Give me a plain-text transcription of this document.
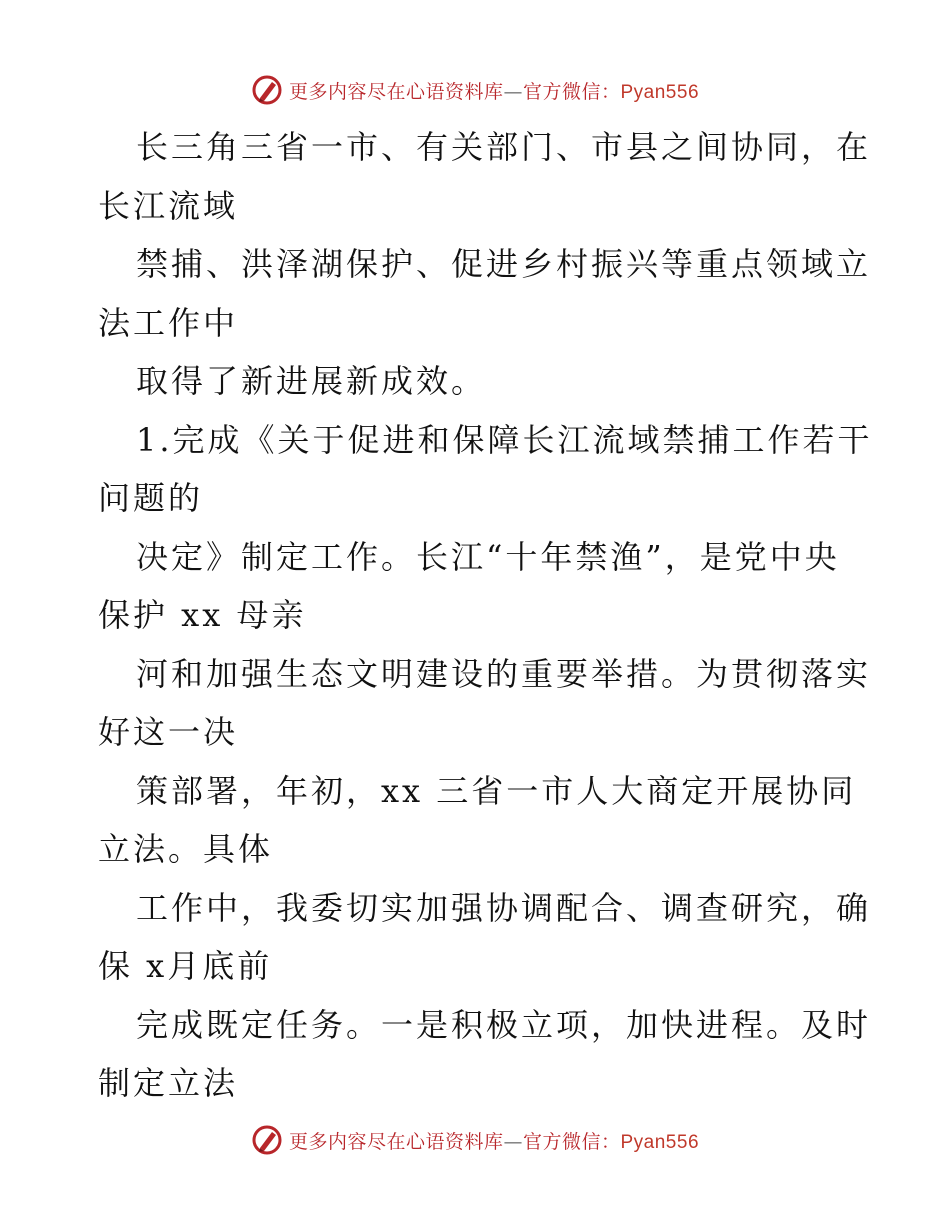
更多内容尽在心语资料库—官方微信：Pyan556
长三角三省一市、有关部门、市县之间协同，在
长江流域
禁捕、洪泽湖保护、促进乡村振兴等重点领域立
法工作中
取得了新进展新成效。
1.完成《关于促进和保障长江流域禁捕工作若干
问题的
决定》制定工作。长江“十年禁渔”，是党中央
保护 xx 母亲
河和加强生态文明建设的重要举措。为贯彻落实
好这一决
策部署，年初，xx 三省一市人大商定开展协同
立法。具体
工作中，我委切实加强协调配合、调查研究，确
保 x月底前
完成既定任务。一是积极立项，加快进程。及时
制定立法
更多内容尽在心语资料库—官方微信：Pyan556
